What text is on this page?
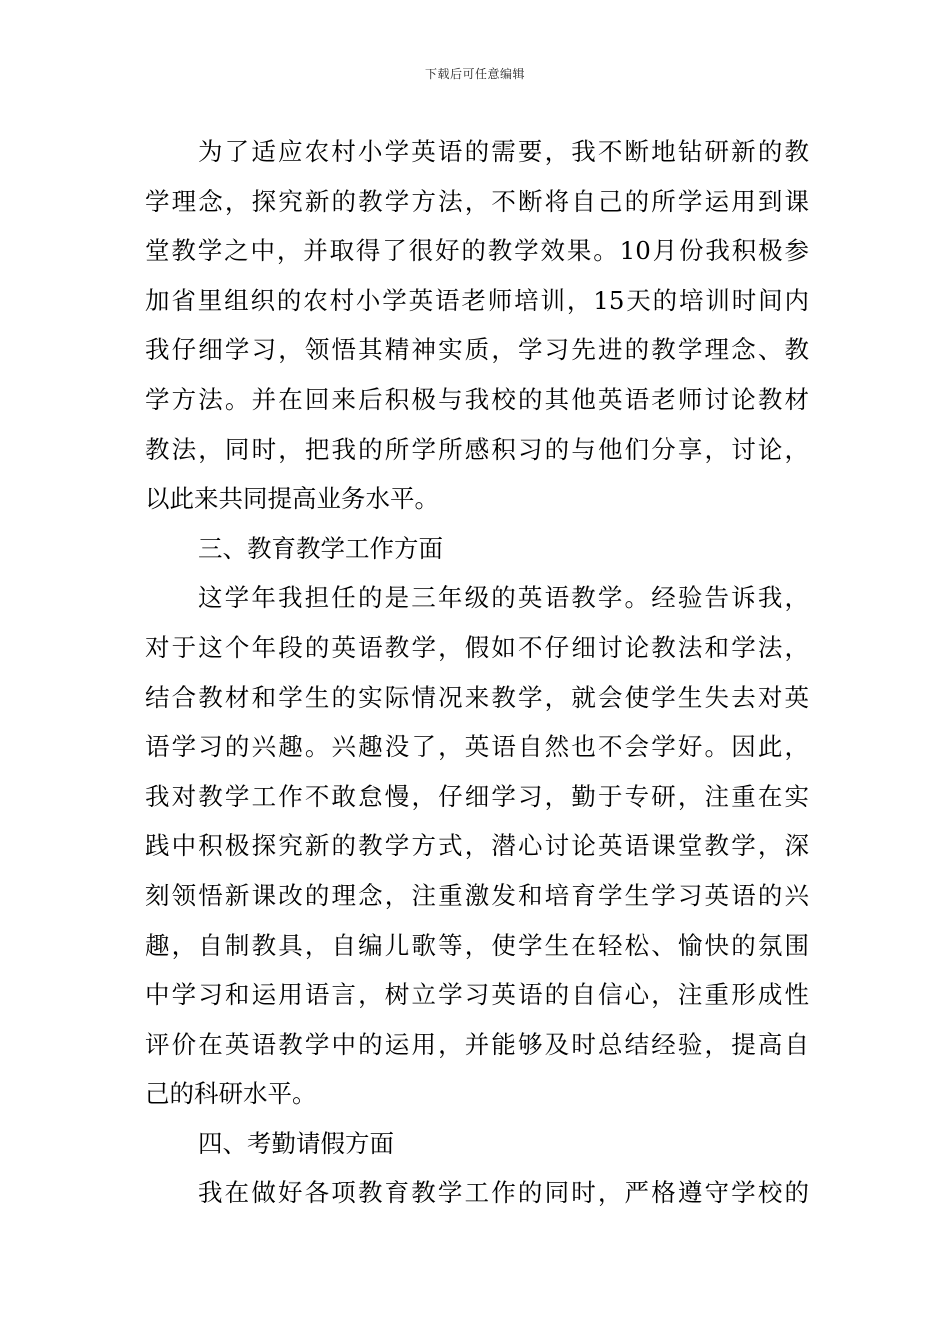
下载后可任意编辑
为了适应农村小学英语的需要，我不断地钻研新的教
学理念，探究新的教学方法，不断将自己的所学运用到课
堂教学之中，并取得了很好的教学效果。10月份我积极参
加省里组织的农村小学英语老师培训，15天的培训时间内
我仔细学习，领悟其精神实质，学习先进的教学理念、教
学方法。并在回来后积极与我校的其他英语老师讨论教材
教法，同时，把我的所学所感积习的与他们分享，讨论，
以此来共同提高业务水平。
三、教育教学工作方面
这学年我担任的是三年级的英语教学。经验告诉我，
对于这个年段的英语教学，假如不仔细讨论教法和学法，
结合教材和学生的实际情况来教学，就会使学生失去对英
语学习的兴趣。兴趣没了，英语自然也不会学好。因此，
我对教学工作不敢怠慢，仔细学习，勤于专研，注重在实
践中积极探究新的教学方式，潜心讨论英语课堂教学，深
刻领悟新课改的理念，注重激发和培育学生学习英语的兴
趣，自制教具，自编儿歌等，使学生在轻松、愉快的氛围
中学习和运用语言，树立学习英语的自信心，注重形成性
评价在英语教学中的运用，并能够及时总结经验，提高自
己的科研水平。
四、考勤请假方面
我在做好各项教育教学工作的同时，严格遵守学校的
